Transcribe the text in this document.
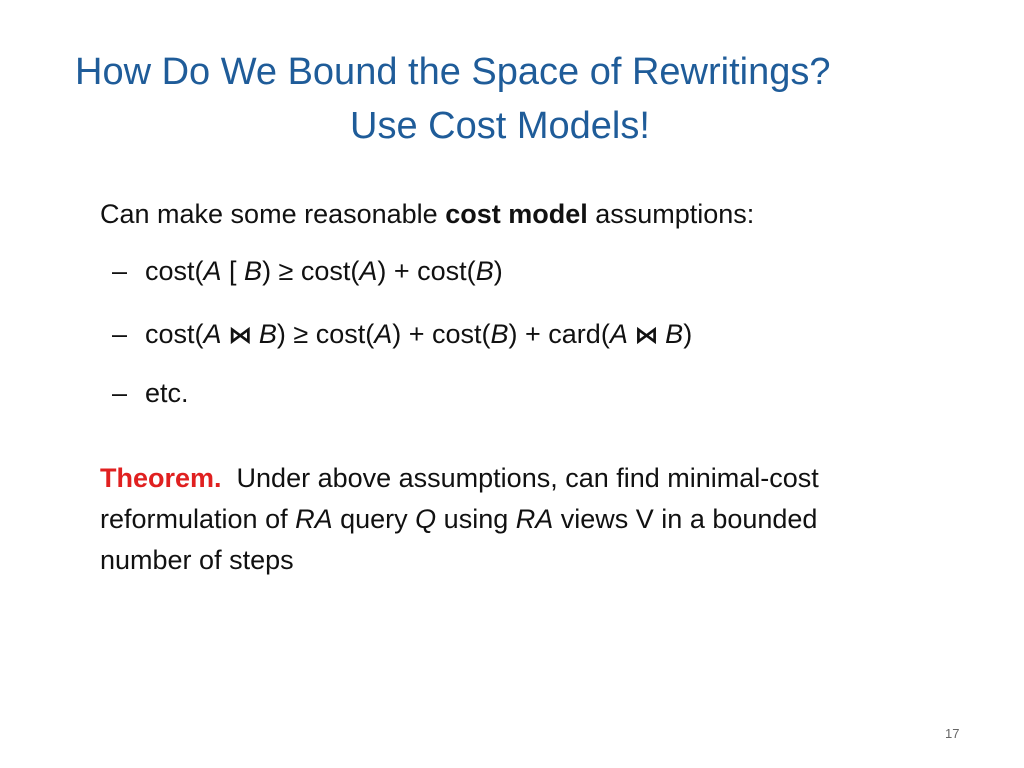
How Do We Bound the Space of Rewritings?
Use Cost Models!
Can make some reasonable cost model assumptions:
– cost(A [ B) ≥ cost(A) + cost(B)
– cost(A ⋈ B) ≥ cost(A) + cost(B) + card(A ⋈ B)
– etc.
Theorem.  Under above assumptions, can find minimal-cost
reformulation of RA query Q using RA views V in a bounded
number of steps
17
